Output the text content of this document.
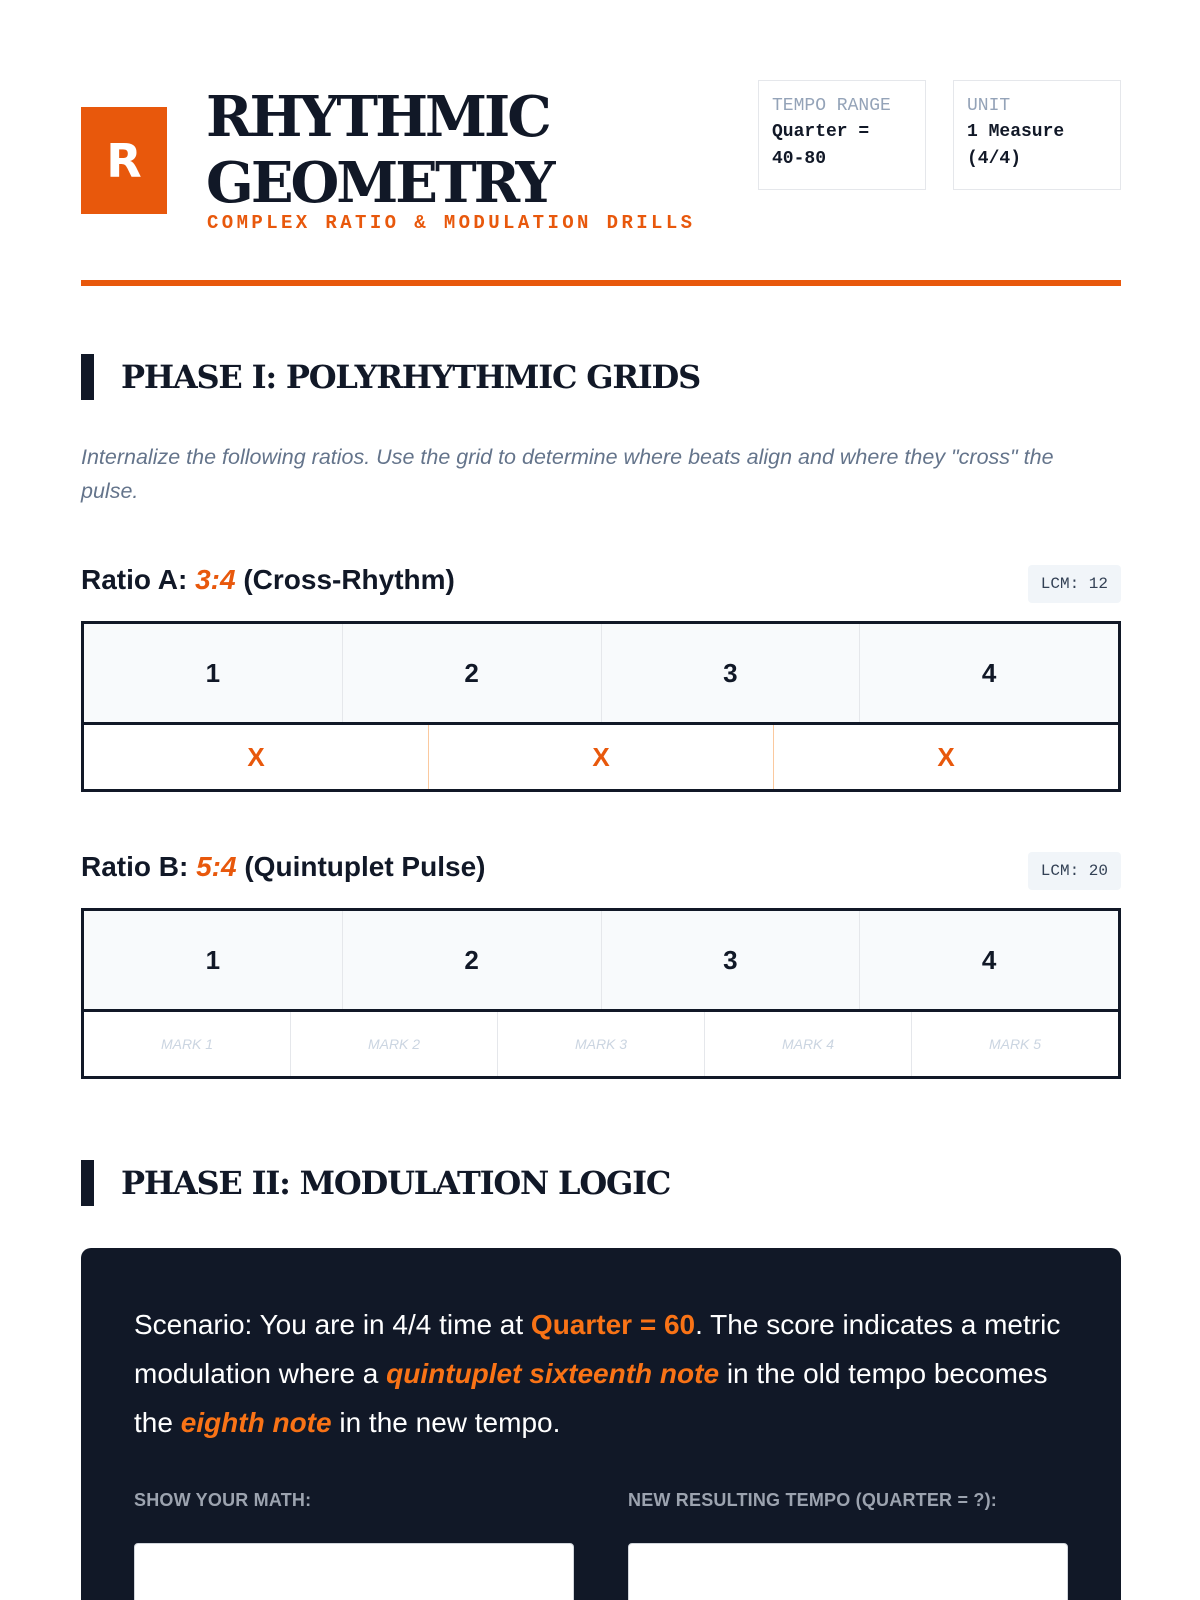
R
RHYTHMIC GEOMETRY
COMPLEX RATIO & MODULATION DRILLS
TEMPO RANGE
Quarter =
40-80
UNIT
1 Measure
(4/4)
PHASE I: POLYRHYTHMIC GRIDS
Internalize the following ratios. Use the grid to determine where beats align and where they "cross" the pulse.
Ratio A: 3:4 (Cross-Rhythm)	LCM: 12
1	2	3	4
X	X	X
Ratio B: 5:4 (Quintuplet Pulse)	LCM: 20
1	2	3	4
MARK 1	MARK 2	MARK 3	MARK 4	MARK 5
PHASE II: MODULATION LOGIC
Scenario: You are in 4/4 time at Quarter = 60. The score indicates a metric modulation where a quintuplet sixteenth note in the old tempo becomes the eighth note in the new tempo.
SHOW YOUR MATH:	NEW RESULTING TEMPO (QUARTER = ?):
